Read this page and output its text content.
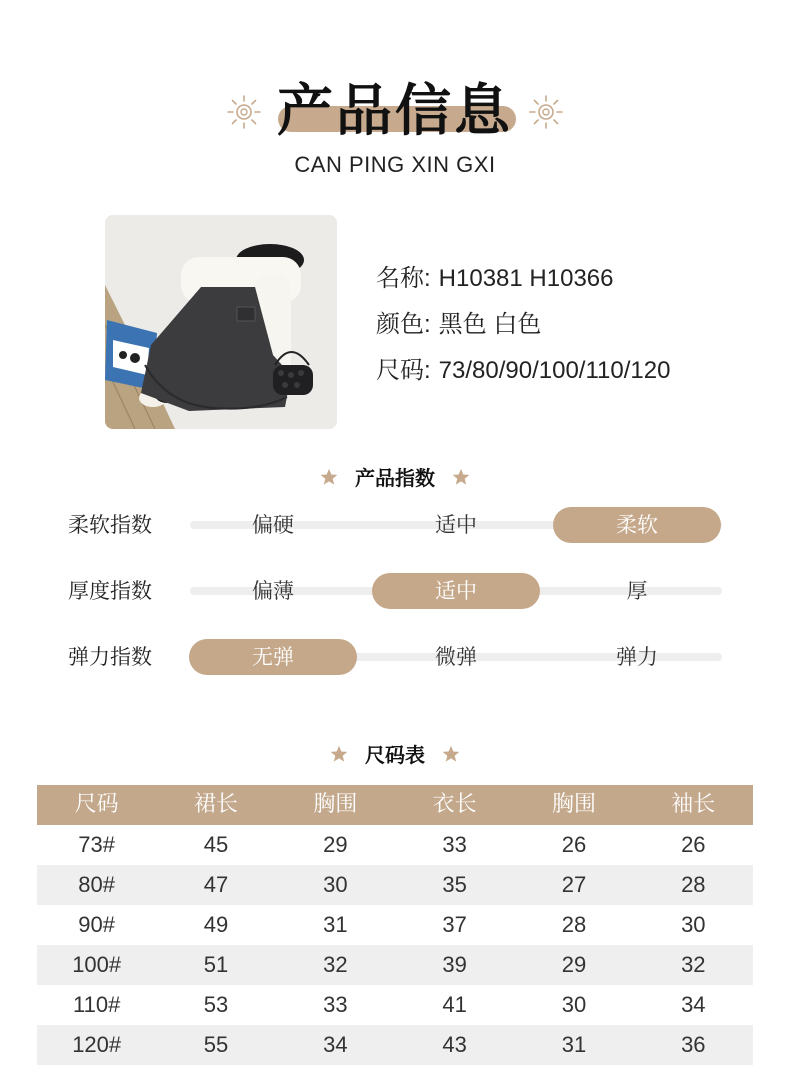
产品信息
CAN PING XIN GXI
名称: H10381 H10366
颜色: 黑色 白色
尺码: 73/80/90/100/110/120
产品指数
柔软指数	偏硬	适中	柔软
厚度指数	偏薄	适中	厚
弹力指数	无弹	微弹	弹力
尺码表
尺码	裙长	胸围	衣长	胸围	袖长
73#	45	29	33	26	26
80#	47	30	35	27	28
90#	49	31	37	28	30
100#	51	32	39	29	32
110#	53	33	41	30	34
120#	55	34	43	31	36
